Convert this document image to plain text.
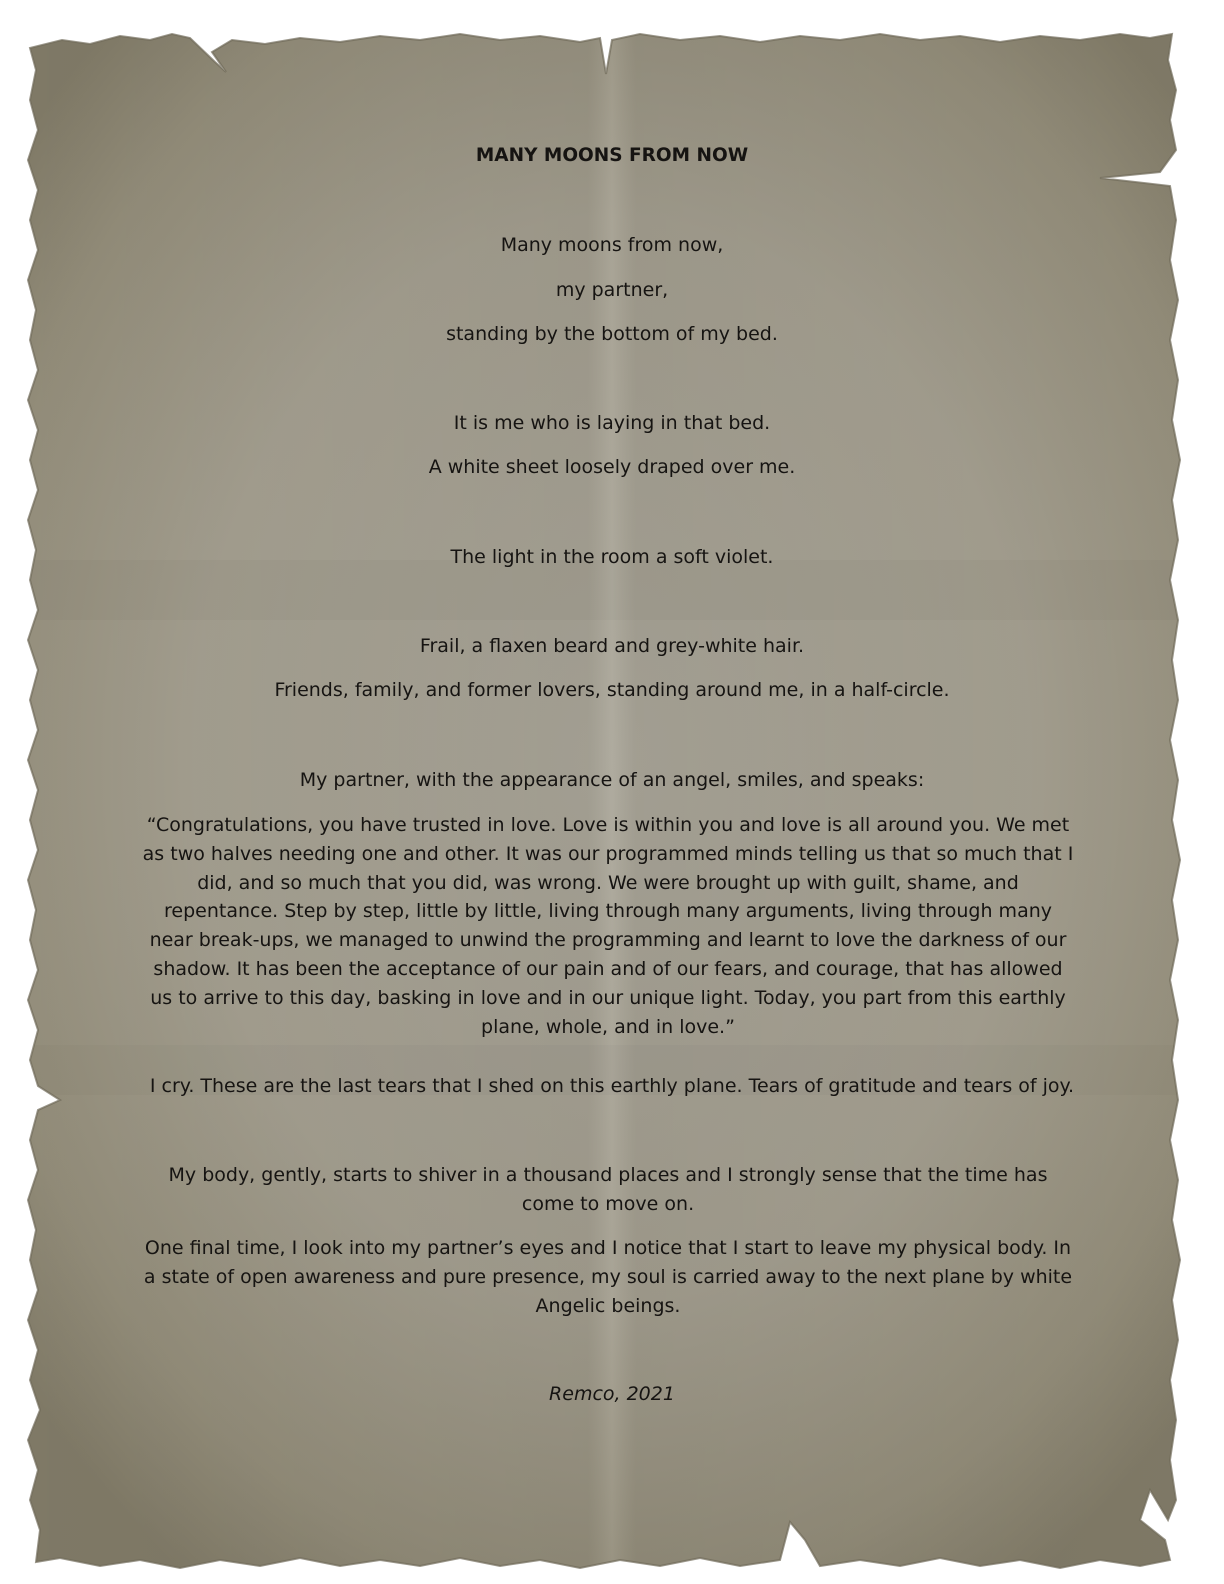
MANY MOONS FROM NOW

Many moons from now,

my partner,

standing by the bottom of my bed.

It is me who is laying in that bed.

A white sheet loosely draped over me.

The light in the room a soft violet.

Frail, a flaxen beard and grey-white hair.

Friends, family, and former lovers, standing around me, in a half-circle.

My partner, with the appearance of an angel, smiles, and speaks:

“Congratulations, you have trusted in love. Love is within you and love is all around you. We met as two halves needing one and other. It was our programmed minds telling us that so much that I did, and so much that you did, was wrong. We were brought up with guilt, shame, and repentance. Step by step, little by little, living through many arguments, living through many near break-ups, we managed to unwind the programming and learnt to love the darkness of our shadow. It has been the acceptance of our pain and of our fears, and courage, that has allowed us to arrive to this day, basking in love and in our unique light. Today, you part from this earthly plane, whole, and in love.”

I cry. These are the last tears that I shed on this earthly plane. Tears of gratitude and tears of joy.

My body, gently, starts to shiver in a thousand places and I strongly sense that the time has come to move on.

One final time, I look into my partner’s eyes and I notice that I start to leave my physical body. In a state of open awareness and pure presence, my soul is carried away to the next plane by white Angelic beings.

Remco, 2021
